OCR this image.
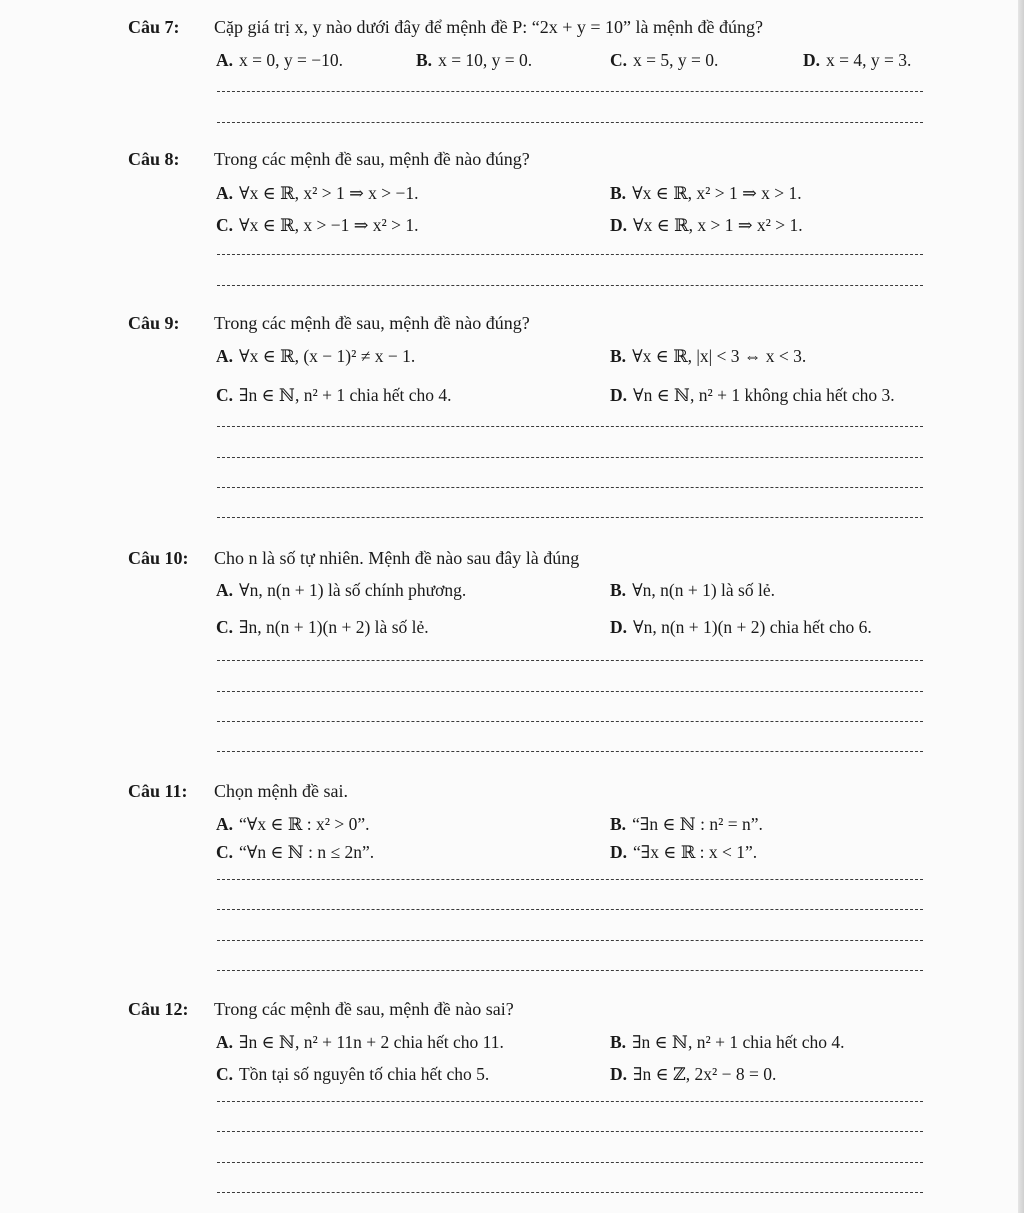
Câu 7: Cặp giá trị x, y nào dưới đây để mệnh đề P: “2x + y = 10” là mệnh đề đúng?
A. x = 0, y = −10.	B. x = 10, y = 0.	C. x = 5, y = 0.	D. x = 4, y = 3.
Câu 8: Trong các mệnh đề sau, mệnh đề nào đúng?
A. ∀x ∈ ℝ, x² > 1 ⇒ x > −1.	B. ∀x ∈ ℝ, x² > 1 ⇒ x > 1.
C. ∀x ∈ ℝ, x > −1 ⇒ x² > 1.	D. ∀x ∈ ℝ, x > 1 ⇒ x² > 1.
Câu 9: Trong các mệnh đề sau, mệnh đề nào đúng?
A. ∀x ∈ ℝ, (x − 1)² ≠ x − 1.	B. ∀x ∈ ℝ, |x| < 3 ⇔ x < 3.
C. ∃n ∈ ℕ, n² + 1 chia hết cho 4.	D. ∀n ∈ ℕ, n² + 1 không chia hết cho 3.
Câu 10: Cho n là số tự nhiên. Mệnh đề nào sau đây là đúng
A. ∀n, n(n + 1) là số chính phương.	B. ∀n, n(n + 1) là số lẻ.
C. ∃n, n(n + 1)(n + 2) là số lẻ.	D. ∀n, n(n + 1)(n + 2) chia hết cho 6.
Câu 11: Chọn mệnh đề sai.
A. “∀x ∈ ℝ : x² > 0”.	B. “∃n ∈ ℕ : n² = n”.
C. “∀n ∈ ℕ : n ≤ 2n”.	D. “∃x ∈ ℝ : x < 1”.
Câu 12: Trong các mệnh đề sau, mệnh đề nào sai?
A. ∃n ∈ ℕ, n² + 11n + 2 chia hết cho 11.	B. ∃n ∈ ℕ, n² + 1 chia hết cho 4.
C. Tồn tại số nguyên tố chia hết cho 5.	D. ∃n ∈ ℤ, 2x² − 8 = 0.
